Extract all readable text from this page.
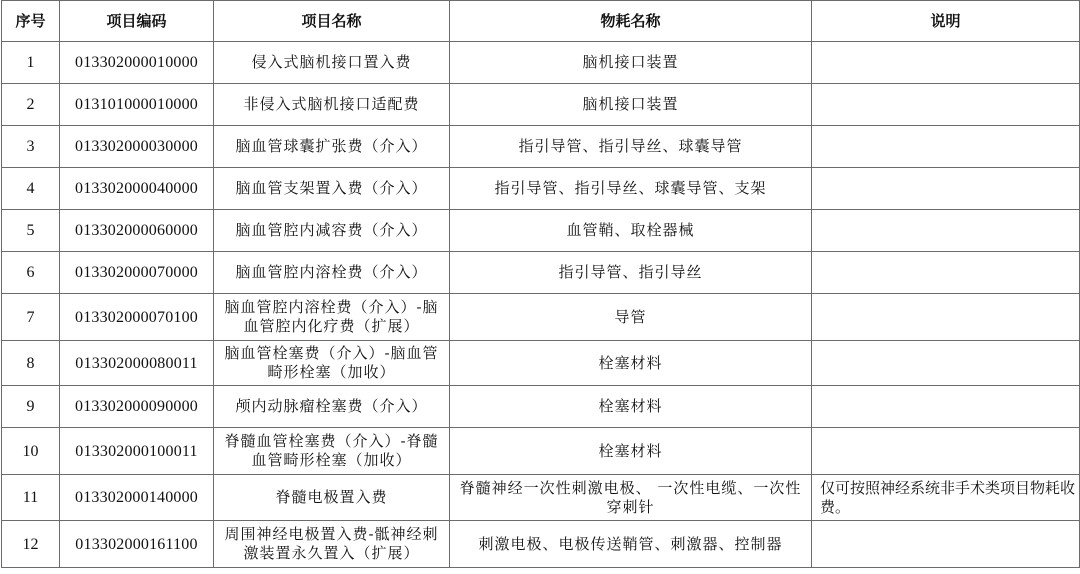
序号	项目编码	项目名称	物耗名称	说明
1	013302000010000	侵入式脑机接口置入费	脑机接口装置	
2	013101000010000	非侵入式脑机接口适配费	脑机接口装置	
3	013302000030000	脑血管球囊扩张费（介入）	指引导管、指引导丝、球囊导管	
4	013302000040000	脑血管支架置入费（介入）	指引导管、指引导丝、球囊导管、支架	
5	013302000060000	脑血管腔内减容费（介入）	血管鞘、取栓器械	
6	013302000070000	脑血管腔内溶栓费（介入）	指引导管、指引导丝	
7	013302000070100	脑血管腔内溶栓费（介入）-脑血管腔内化疗费（扩展）	导管	
8	013302000080011	脑血管栓塞费（介入）-脑血管畸形栓塞（加收）	栓塞材料	
9	013302000090000	颅内动脉瘤栓塞费（介入）	栓塞材料	
10	013302000100011	脊髓血管栓塞费（介入）-脊髓血管畸形栓塞（加收）	栓塞材料	
11	013302000140000	脊髓电极置入费	脊髓神经一次性刺激电极、 一次性电缆、一次性穿刺针	仅可按照神经系统非手术类项目物耗收费。
12	013302000161100	周围神经电极置入费-骶神经刺激装置永久置入（扩展）	刺激电极、电极传送鞘管、刺激器、控制器	
